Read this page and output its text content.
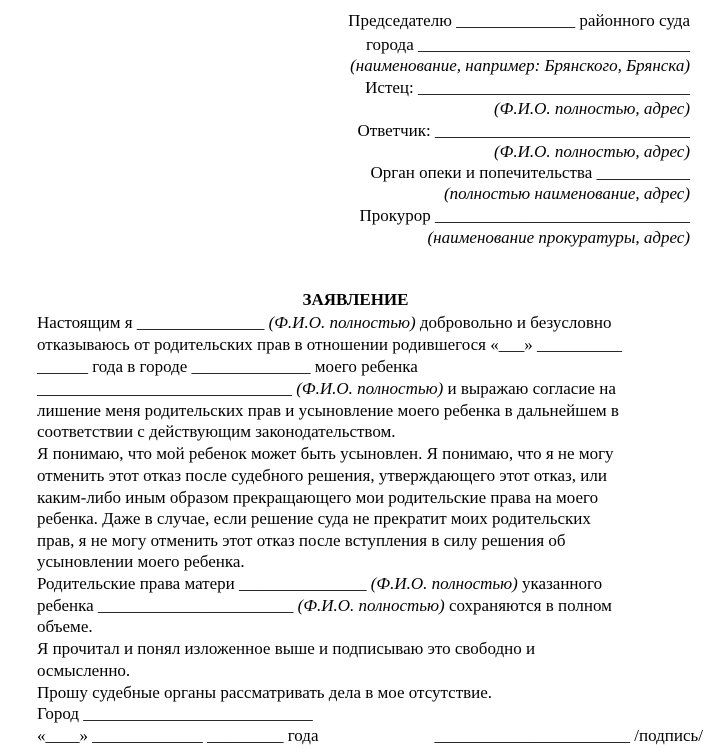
Председателю ______________ районного суда
города ________________________________
(наименование, например: Брянского, Брянска)
Истец: ________________________________
(Ф.И.О. полностью, адрес)
Ответчик: ______________________________
(Ф.И.О. полностью, адрес)
Орган опеки и попечительства ___________
(полностью наименование, адрес)
Прокурор ______________________________
(наименование прокуратуры, адрес)
ЗАЯВЛЕНИЕ
Настоящим я _______________ (Ф.И.О. полностью) добровольно и безусловно
отказываюсь от родительских прав в отношении родившегося «___» __________
______ года в городе ______________ моего ребенка
______________________________ (Ф.И.О. полностью) и выражаю согласие на
лишение меня родительских прав и усыновление моего ребенка в дальнейшем в
соответствии с действующим законодательством.
Я понимаю, что мой ребенок может быть усыновлен. Я понимаю, что я не могу
отменить этот отказ после судебного решения, утверждающего этот отказ, или
каким-либо иным образом прекращающего мои родительские права на моего
ребенка. Даже в случае, если решение суда не прекратит моих родительских
прав, я не могу отменить этот отказ после вступления в силу решения об
усыновлении моего ребенка.
Родительские права матери _______________ (Ф.И.О. полностью) указанного
ребенка _______________________ (Ф.И.О. полностью) сохраняются в полном
объеме.
Я прочитал и понял изложенное выше и подписываю это свободно и
осмысленно.
Прошу судебные органы рассматривать дела в мое отсутствие.
Город ___________________________
«____» _____________ _________ года	_______________________ /подпись/
